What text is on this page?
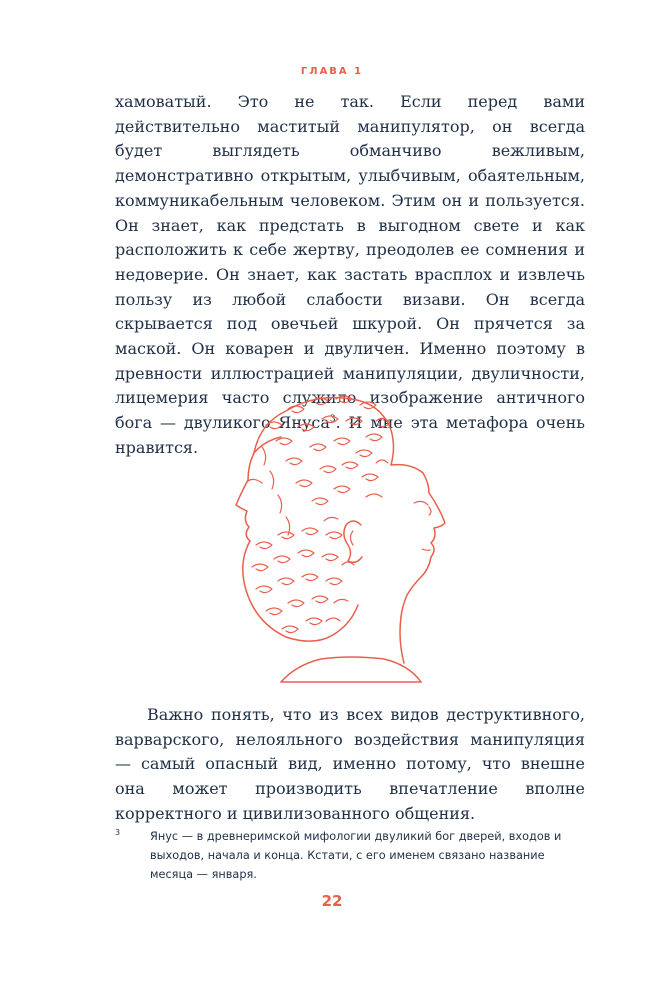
ГЛАВА 1

хамоватый. Это не так. Если перед вами действительно маститый манипулятор, он всегда будет выглядеть обманчиво вежливым, демонстративно открытым, улыбчивым, обаятельным, коммуникабельным человеком. Этим он и пользуется. Он знает, как предстать в выгодном свете и как расположить к себе жертву, преодолев ее сомнения и недоверие. Он знает, как застать врасплох и извлечь пользу из любой слабости визави. Он всегда скрывается под овечьей шкурой. Он прячется за маской. Он коварен и двуличен. Именно поэтому в древности иллюстрацией манипуляции, двуличности, лицемерия часто служило изображение античного бога — двуликого Януса$^3$. И мне эта метафора очень нравится.

Важно понять, что из всех видов деструктивного, варварского, нелояльного воздействия манипуляция — самый опасный вид, именно потому, что внешне она может производить впечатление вполне корректного и цивилизованного общения.

3	Янус — в древнеримской мифологии двуликий бог дверей, входов и выходов, начала и конца. Кстати, с его именем связано название месяца — января.
22
